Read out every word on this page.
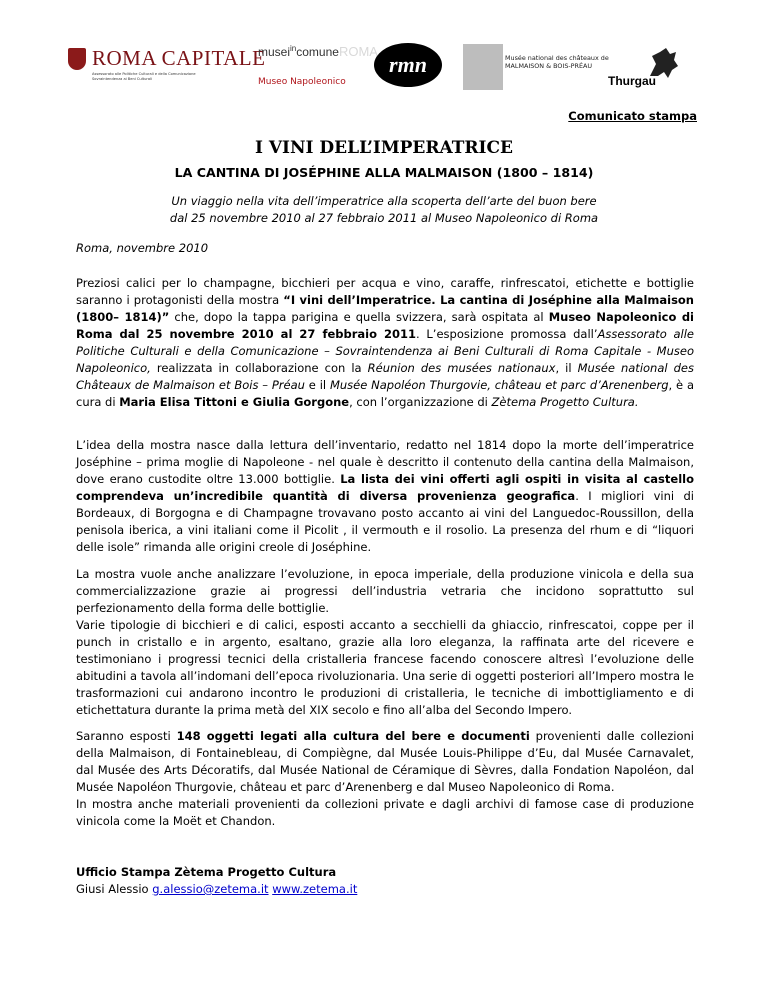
ROMA CAPITALE
Assessorato alle Politiche Culturali e della Comunicazione Sovraintendenza ai Beni Culturali
musei$^{in}$comuneROMA
Museo Napoleonico
rmn	Musée national des châteaux de
MALMAISON & BOIS-PRÉAU
Thurgau
Comunicato stampa
I VINI DELL’IMPERATRICE
LA CANTINA DI JOSÉPHINE ALLA MALMAISON (1800 – 1814)
Un viaggio nella vita dell’imperatrice alla scoperta dell’arte del buon bere
dal 25 novembre 2010 al 27 febbraio 2011 al Museo Napoleonico di Roma
Roma, novembre 2010

Preziosi calici per lo champagne, bicchieri per acqua e vino, caraffe, rinfrescatoi, etichette e bottiglie saranno i protagonisti della mostra “I vini dell’Imperatrice. La cantina di Joséphine alla Malmaison (1800– 1814)” che, dopo la tappa parigina e quella svizzera, sarà ospitata al Museo Napoleonico di Roma dal 25 novembre 2010 al 27 febbraio 2011. L’esposizione promossa dall’Assessorato alle Politiche Culturali e della Comunicazione – Sovraintendenza ai Beni Culturali di Roma Capitale - Museo Napoleonico, realizzata in collaborazione con la Réunion des musées nationaux, il Musée national des Châteaux de Malmaison et Bois – Préau e il Musée Napoléon Thurgovie, château et parc d’Arenenberg, è a cura di Maria Elisa Tittoni e Giulia Gorgone, con l’organizzazione di Zètema Progetto Cultura.

L’idea della mostra nasce dalla lettura dell’inventario, redatto nel 1814 dopo la morte dell’imperatrice Joséphine – prima moglie di Napoleone - nel quale è descritto il contenuto della cantina della Malmaison, dove erano custodite oltre 13.000 bottiglie. La lista dei vini offerti agli ospiti in visita al castello comprendeva un’incredibile quantità di diversa provenienza geografica. I migliori vini di Bordeaux, di Borgogna e di Champagne trovavano posto accanto ai vini del Languedoc-Roussillon, della penisola iberica, a vini italiani come il Picolit , il vermouth e il rosolio. La presenza del rhum e di “liquori delle isole” rimanda alle origini creole di Joséphine.

La mostra vuole anche analizzare l’evoluzione, in epoca imperiale, della produzione vinicola e della sua commercializzazione grazie ai progressi dell’industria vetraria che incidono soprattutto sul perfezionamento della forma delle bottiglie.
Varie tipologie di bicchieri e di calici, esposti accanto a secchielli da ghiaccio, rinfrescatoi, coppe per il punch in cristallo e in argento, esaltano, grazie alla loro eleganza, la raffinata arte del ricevere e testimoniano i progressi tecnici della cristalleria francese facendo conoscere altresì l’evoluzione delle abitudini a tavola all’indomani dell’epoca rivoluzionaria. Una serie di oggetti posteriori all’Impero mostra le trasformazioni cui andarono incontro le produzioni di cristalleria, le tecniche di imbottigliamento e di etichettatura durante la prima metà del XIX secolo e fino all’alba del Secondo Impero.
Saranno esposti 148 oggetti legati alla cultura del bere e documenti provenienti dalle collezioni della Malmaison, di Fontainebleau, di Compiègne, dal Musée Louis-Philippe d’Eu, dal Musée Carnavalet, dal Musée des Arts Décoratifs, dal Musée National de Céramique di Sèvres, dalla Fondation Napoléon, dal Musée Napoléon Thurgovie, château et parc d’Arenenberg e dal Museo Napoleonico di Roma.
In mostra anche materiali provenienti da collezioni private e dagli archivi di famose case di produzione vinicola come la Moët et Chandon.
Ufficio Stampa Zètema Progetto Cultura
Giusi Alessio g.alessio@zetema.it www.zetema.it
